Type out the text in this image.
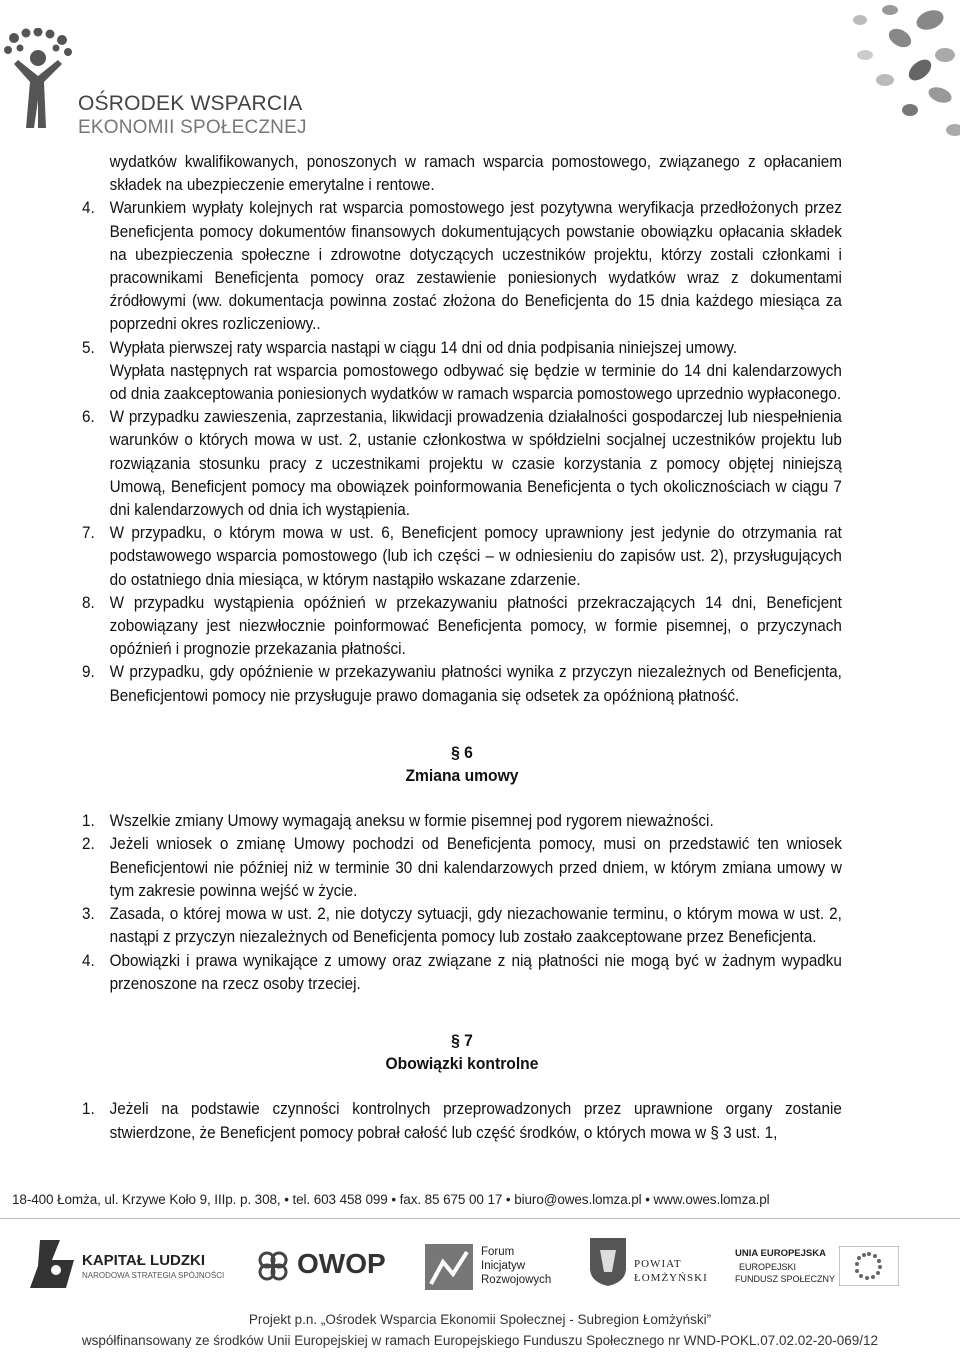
OŚRODEK WSPARCIA
EKONOMII SPOŁECZNEJ

wydatków kwalifikowanych, ponoszonych w ramach wsparcia pomostowego, związanego z opłacaniem składek na ubezpieczenie emerytalne i rentowe.

4. Warunkiem wypłaty kolejnych rat wsparcia pomostowego jest pozytywna weryfikacja przedłożonych przez Beneficjenta pomocy dokumentów finansowych dokumentujących powstanie obowiązku opłacania składek na ubezpieczenia społeczne i zdrowotne dotyczących uczestników projektu, którzy zostali członkami i pracownikami Beneficjenta pomocy oraz zestawienie poniesionych wydatków wraz z dokumentami źródłowymi (ww. dokumentacja powinna zostać złożona do Beneficjenta do 15 dnia każdego miesiąca za poprzedni okres rozliczeniowy..
5. Wypłata pierwszej raty wsparcia nastąpi w ciągu 14 dni od dnia podpisania niniejszej umowy.

Wypłata następnych rat wsparcia pomostowego odbywać się będzie w terminie do 14 dni kalendarzowych od dnia zaakceptowania poniesionych wydatków w ramach wsparcia pomostowego uprzednio wypłaconego.

6. W przypadku zawieszenia, zaprzestania, likwidacji prowadzenia działalności gospodarczej lub niespełnienia warunków o których mowa w ust. 2, ustanie członkostwa w spółdzielni socjalnej uczestników projektu lub rozwiązania stosunku pracy z uczestnikami projektu w czasie korzystania z pomocy objętej niniejszą Umową, Beneficjent pomocy ma obowiązek poinformowania Beneficjenta o tych okolicznościach w ciągu 7 dni kalendarzowych od dnia ich wystąpienia.
7. W przypadku, o którym mowa w ust. 6, Beneficjent pomocy uprawniony jest jedynie do otrzymania rat podstawowego wsparcia pomostowego (lub ich części – w odniesieniu do zapisów ust. 2), przysługujących do ostatniego dnia miesiąca, w którym nastąpiło wskazane zdarzenie.
8. W przypadku wystąpienia opóźnień w przekazywaniu płatności przekraczających 14 dni, Beneficjent zobowiązany jest niezwłocznie poinformować Beneficjenta pomocy, w formie pisemnej, o przyczynach opóźnień i prognozie przekazania płatności.
9. W przypadku, gdy opóźnienie w przekazywaniu płatności wynika z przyczyn niezależnych od Beneficjenta, Beneficjentowi pomocy nie przysługuje prawo domagania się odsetek za opóźnioną płatność.

§ 6

Zmiana umowy

1. Wszelkie zmiany Umowy wymagają aneksu w formie pisemnej pod rygorem nieważności.
2. Jeżeli wniosek o zmianę Umowy pochodzi od Beneficjenta pomocy, musi on przedstawić ten wniosek Beneficjentowi nie później niż w terminie 30 dni kalendarzowych przed dniem, w którym zmiana umowy w tym zakresie powinna wejść w życie.
3. Zasada, o której mowa w ust. 2, nie dotyczy sytuacji, gdy niezachowanie terminu, o którym mowa w ust. 2, nastąpi z przyczyn niezależnych od Beneficjenta pomocy lub zostało zaakceptowane przez Beneficjenta.
4. Obowiązki i prawa wynikające z umowy oraz związane z nią płatności nie mogą być w żadnym wypadku przenoszone na rzecz osoby trzeciej.

§ 7

Obowiązki kontrolne

1. Jeżeli na podstawie czynności kontrolnych przeprowadzonych przez uprawnione organy zostanie stwierdzone, że Beneficjent pomocy pobrał całość lub część środków, o których mowa w § 3 ust. 1,
18-400 Łomża, ul. Krzywe Koło 9, IIIp. p. 308, • tel. 603 458 099 • fax. 85 675 00 17 • biuro@owes.lomza.pl • www.owes.lomza.pl
KAPITAŁ LUDZKI
NARODOWA STRATEGIA SPÓJNOŚCI	OWOP	Forum
Inicjatyw
Rozwojowych
POWIAT
ŁOMŻYŃSKI
UNIA EUROPEJSKA
EUROPEJSKI
FUNDUSZ SPOŁECZNY
Projekt p.n. „Ośrodek Wsparcia Ekonomii Społecznej - Subregion Łomżyński”
współfinansowany ze środków Unii Europejskiej w ramach Europejskiego Funduszu Społecznego nr WND-POKL.07.02.02-20-069/12
